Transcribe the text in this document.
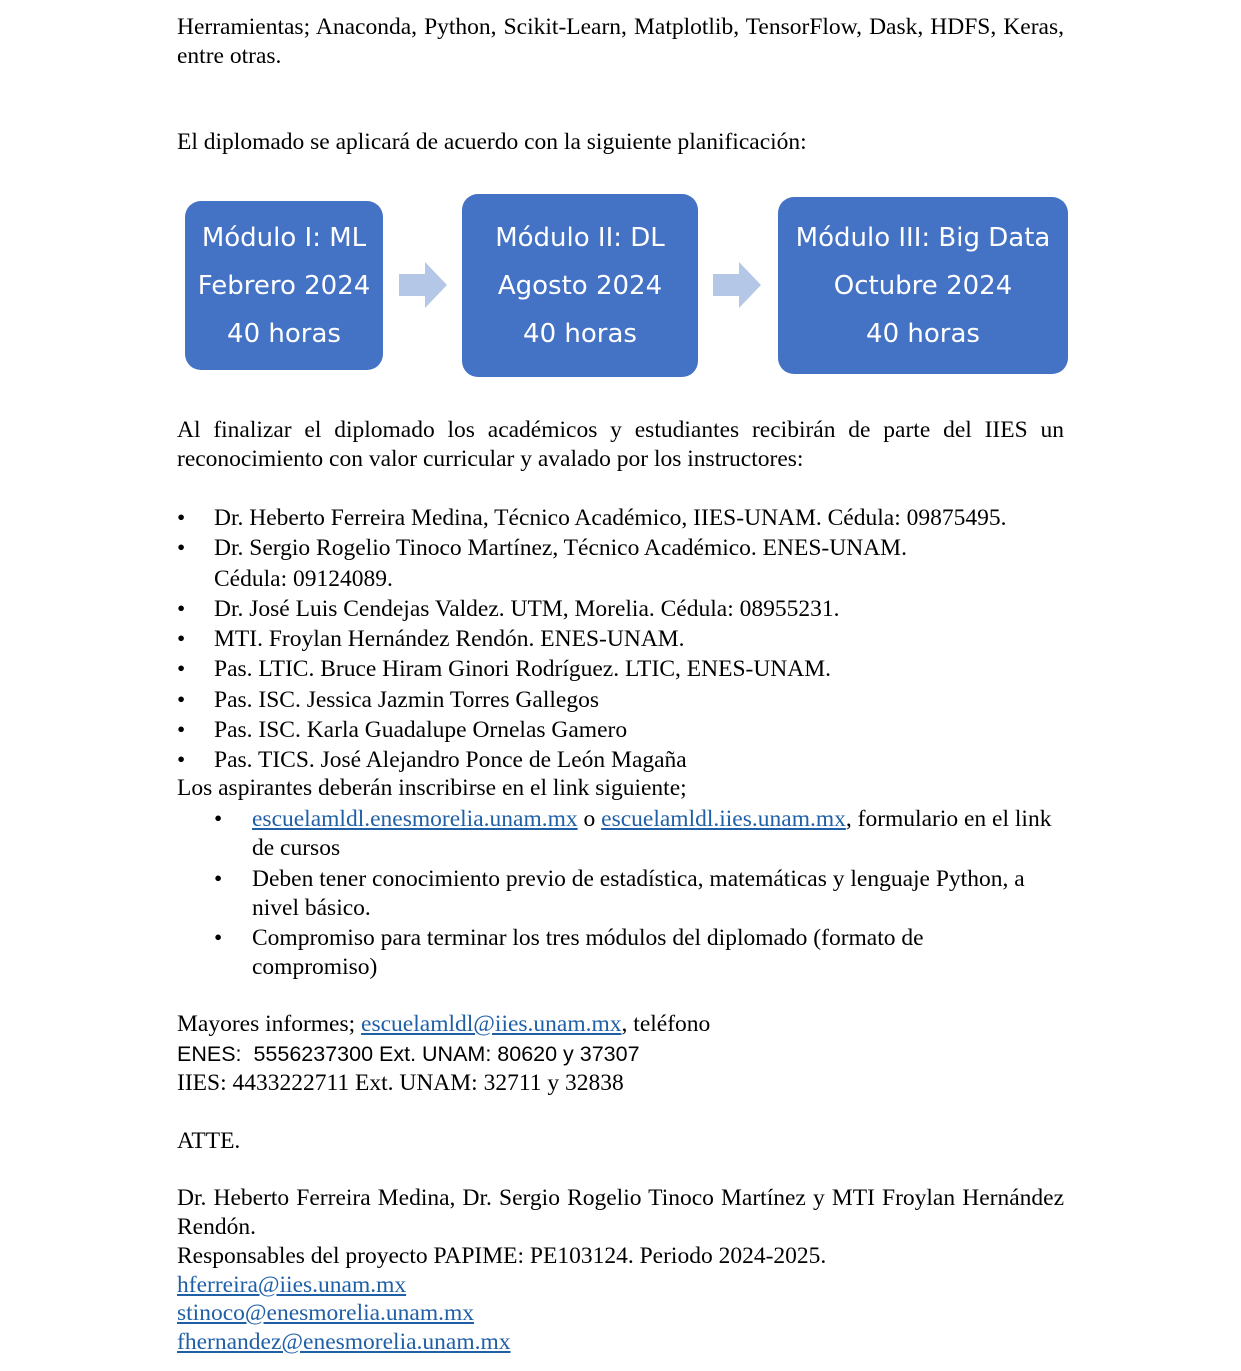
Herramientas; Anaconda, Python, Scikit-Learn, Matplotlib, TensorFlow, Dask, HDFS, Keras, entre otras.

El diplomado se aplicará de acuerdo con la siguiente planificación:

Módulo I: ML
Febrero 2024
40 horas
Módulo II: DL
Agosto 2024
40 horas
Módulo III: Big Data
Octubre 2024
40 horas

Al finalizar el diplomado los académicos y estudiantes recibirán de parte del IIES un reconocimiento con valor curricular y avalado por los instructores:

• Dr. Heberto Ferreira Medina, Técnico Académico, IIES-UNAM. Cédula: 09875495.
• Dr. Sergio Rogelio Tinoco Martínez, Técnico Académico. ENES-UNAM. Cédula: 09124089.
• Dr. José Luis Cendejas Valdez. UTM, Morelia. Cédula: 08955231.
• MTI. Froylan Hernández Rendón. ENES-UNAM.
• Pas. LTIC. Bruce Hiram Ginori Rodríguez. LTIC, ENES-UNAM.
• Pas. ISC. Jessica Jazmin Torres Gallegos
• Pas. ISC. Karla Guadalupe Ornelas Gamero
• Pas. TICS. José Alejandro Ponce de León Magaña

Los aspirantes deberán inscribirse en el link siguiente;

• escuelamldl.enesmorelia.unam.mx o escuelamldl.iies.unam.mx, formulario en el link de cursos
• Deben tener conocimiento previo de estadística, matemáticas y lenguaje Python, a nivel básico.
• Compromiso para terminar los tres módulos del diplomado (formato de compromiso)

Mayores informes; escuelamldl@iies.unam.mx, teléfono

ENES:  5556237300 Ext. UNAM: 80620 y 37307

IIES: 4433222711 Ext. UNAM: 32711 y 32838

ATTE.

Dr. Heberto Ferreira Medina, Dr. Sergio Rogelio Tinoco Martínez y MTI Froylan Hernández Rendón.

Responsables del proyecto PAPIME: PE103124. Periodo 2024-2025.

hferreira@iies.unam.mx

stinoco@enesmorelia.unam.mx

fhernandez@enesmorelia.unam.mx
